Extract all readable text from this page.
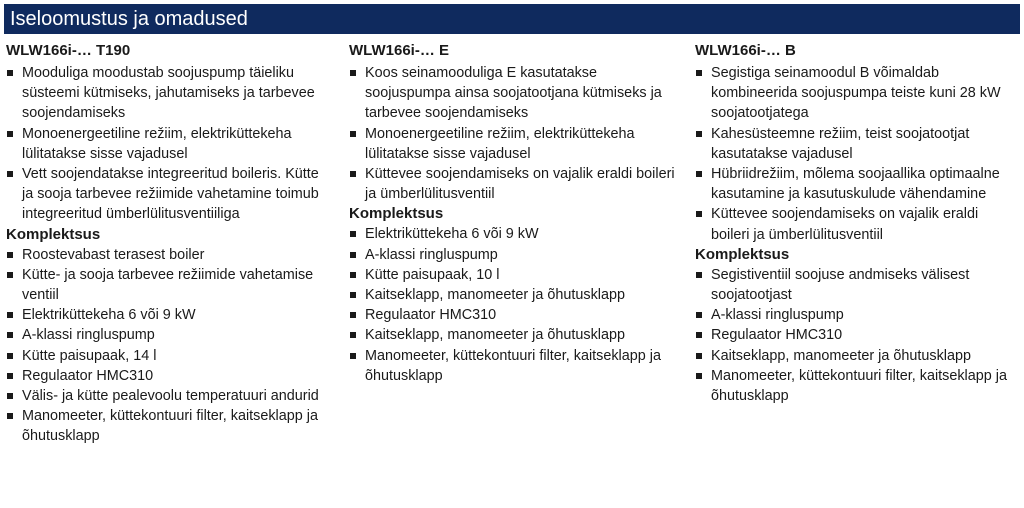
Iseloomustus ja omadused
WLW166i-… T190
Mooduliga moodustab soojuspump täieliku süsteemi kütmiseks, jahutamiseks ja tarbevee soojendamiseks
Monoenergeetiline režiim, elektriküttekeha lülitatakse sisse vajadusel
Vett soojendatakse integreeritud boileris. Kütte ja sooja tarbevee režiimide vahetamine toimub integreeritud ümberlülitusventiiliga
Komplektsus
Roostevabast terasest boiler
Kütte- ja sooja tarbevee režiimide vahetamise ventiil
Elektriküttekeha 6 või 9 kW
A-klassi ringluspump
Kütte paisupaak, 14 l
Regulaator HMC310
Välis- ja kütte pealevoolu temperatuuri andurid
Manomeeter, küttekontuuri filter, kaitseklapp ja õhutusklapp
WLW166i-… E
Koos seinamooduliga E kasutatakse soojuspumpa ainsa soojatootjana kütmiseks ja tarbevee soojendamiseks
Monoenergeetiline režiim, elektriküttekeha lülitatakse sisse vajadusel
Küttevee soojendamiseks on vajalik eraldi boileri ja ümberlülitusventiil
Komplektsus
Elektriküttekeha 6 või 9 kW
A-klassi ringluspump
Kütte paisupaak, 10 l
Kaitseklapp, manomeeter ja õhutusklapp
Regulaator HMC310
Kaitseklapp, manomeeter ja õhutusklapp
Manomeeter, küttekontuuri filter, kaitseklapp ja õhutusklapp
WLW166i-… B
Segistiga seinamoodul B võimaldab kombineerida soojuspumpa teiste kuni 28 kW soojatootjatega
Kahesüsteemne režiim, teist soojatootjat kasutatakse vajadusel
Hübriidrežiim, mõlema soojaallika optimaalne kasutamine ja kasutuskulude vähendamine
Küttevee soojendamiseks on vajalik eraldi boileri ja ümberlülitusventiil
Komplektsus
Segistiventiil soojuse andmiseks välisest soojatootjast
A-klassi ringluspump
Regulaator HMC310
Kaitseklapp, manomeeter ja õhutusklapp
Manomeeter, küttekontuuri filter, kaitseklapp ja õhutusklapp
